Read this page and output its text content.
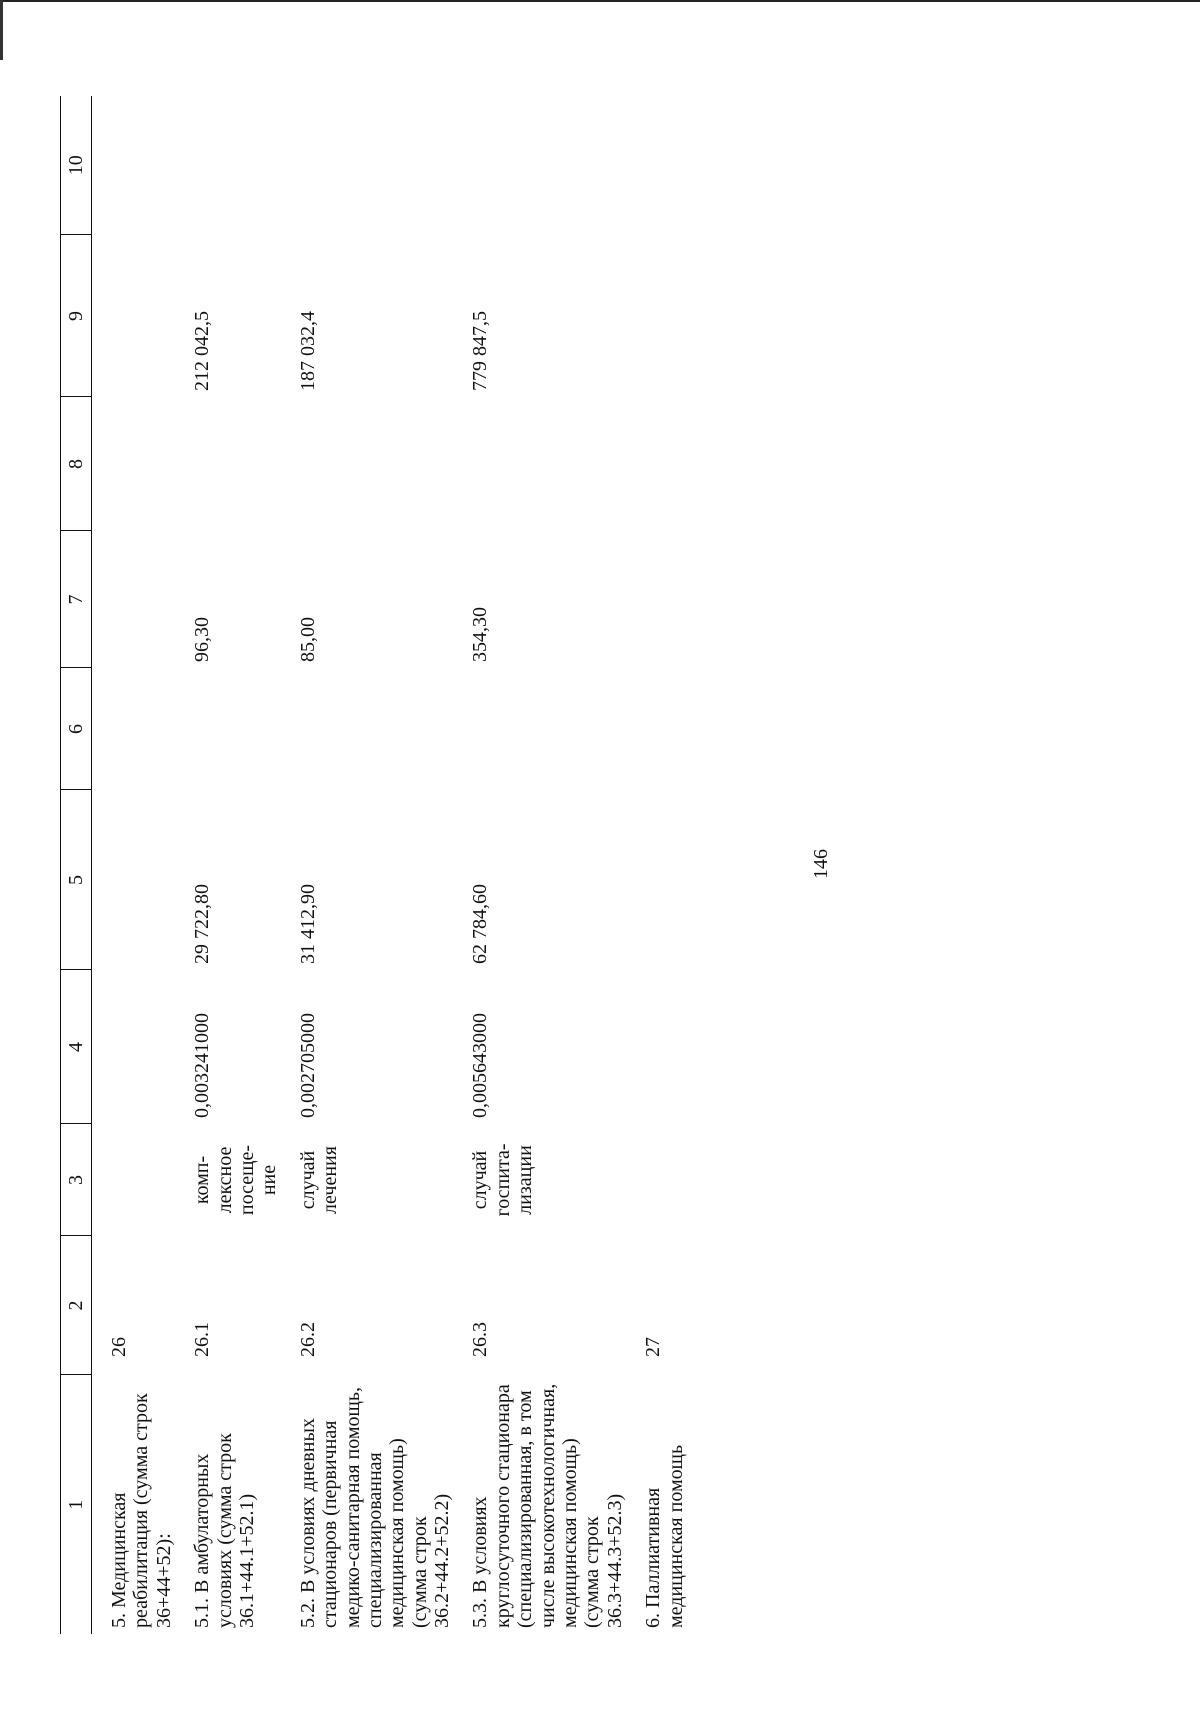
146
1	2	3	4	5	6	7	8	9	10
5. Медицинская реабилитация (сумма строк 36+44+52):	26								
5.1. В амбулаторных условиях (сумма строк 36.1+44.1+52.1)	26.1	комп-лексное посеще-ние	0,003241000	29 722,80		96,30		212 042,5	
5.2. В условиях дневных стационаров (первичная медико-санитарная помощь, специализированная медицинская помощь) (сумма строк 36.2+44.2+52.2)	26.2	случай лечения	0,002705000	31 412,90		85,00		187 032,4	
5.3. В условиях круглосуточного стационара (специализированная, в том числе высокотехнологичная, медицинская помощь) (сумма строк 36.3+44.3+52.3)	26.3	случай госпита-лизации	0,005643000	62 784,60		354,30		779 847,5	
6. Паллиативная медицинская помощь	27								
